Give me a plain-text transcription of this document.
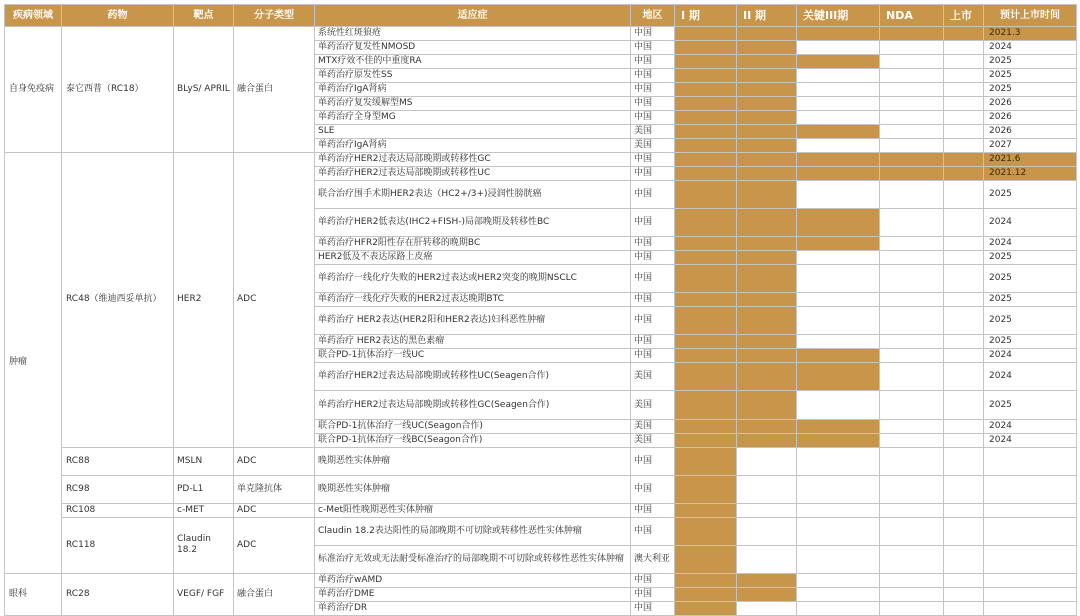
疾病领域	药物	靶点	分子类型	适应症	地区	I 期	II 期	关键III期	NDA	上市	预计上市时间
自身免疫病	泰它西普（RC18）	BLyS/ APRIL	融合蛋白	系统性红斑狼疮	中国						2021.3
				单药治疗复发性NMOSD	中国						2024
				MTX疗效不佳的中重度RA	中国						2025
				单药治疗原发性SS	中国						2025
				单药治疗IgA肾病	中国						2025
				单药治疗复发缓解型MS	中国						2026
				单药治疗全身型MG	中国						2026
				SLE	美国						2026
				单药治疗IgA肾病	美国						2027
肿瘤	RC48（维迪西妥单抗）	HER2	ADC	单药治疗HER2过表达局部晚期或转移性GC	中国						2021.6
				单药治疗HER2过表达局部晚期或转移性UC	中国						2021.12
				联合治疗围手术期HER2表达（HC2+/3+)浸润性膀胱癌	中国						2025
				单药治疗HER2低表达(IHC2+FISH-)局部晚期及转移性BC	中国						2024
				单药治疗HFR2阳性存在肝转移的晚期BC	中国						2024
				HER2低及不表达尿路上皮癌	中国						2025
				单药治疗一线化疗失败的HER2过表达或HER2突变的晚期NSCLC	中国						2025
				单药治疗一线化疗失败的HER2过表达晚期BTC	中国						2025
				单药治疗 HER2表达(HER2阳和HER2表达)妇科恶性肿瘤	中国						2025
				单药治疗 HER2表达的黑色素瘤	中国						2025
				联合PD-1抗体治疗一线UC	中国						2024
				单药治疗HER2过表达局部晚期或转移性UC(Seagen合作)	美国						2024
				单药治疗HER2过表达局部晚期或转移性GC(Seagen合作)	美国						2025
				联合PD-1抗体治疗一线UC(Seagon合作)	美国						2024
				联合PD-1抗体治疗一线BC(Seagon合作)	美国						2024
	RC88	MSLN	ADC	晚期恶性实体肿瘤	中国						
	RC98	PD-L1	单克隆抗体	晚期恶性实体肿瘤	中国						
	RC108	c-MET	ADC	c-Met阳性晚期恶性实体肿瘤	中国						
	RC118	Claudin 18.2	ADC	Claudin 18.2表达阳性的局部晚期不可切除或转移性恶性实体肿瘤	中国						
				标准治疗无效或无法耐受标准治疗的局部晚期不可切除或转移性恶性实体肿瘤	澳大利亚						
眼科	RC28	VEGF/ FGF	融合蛋白	单药治疗wAMD	中国						
				单药治疗DME	中国						
				单药治疗DR	中国						
